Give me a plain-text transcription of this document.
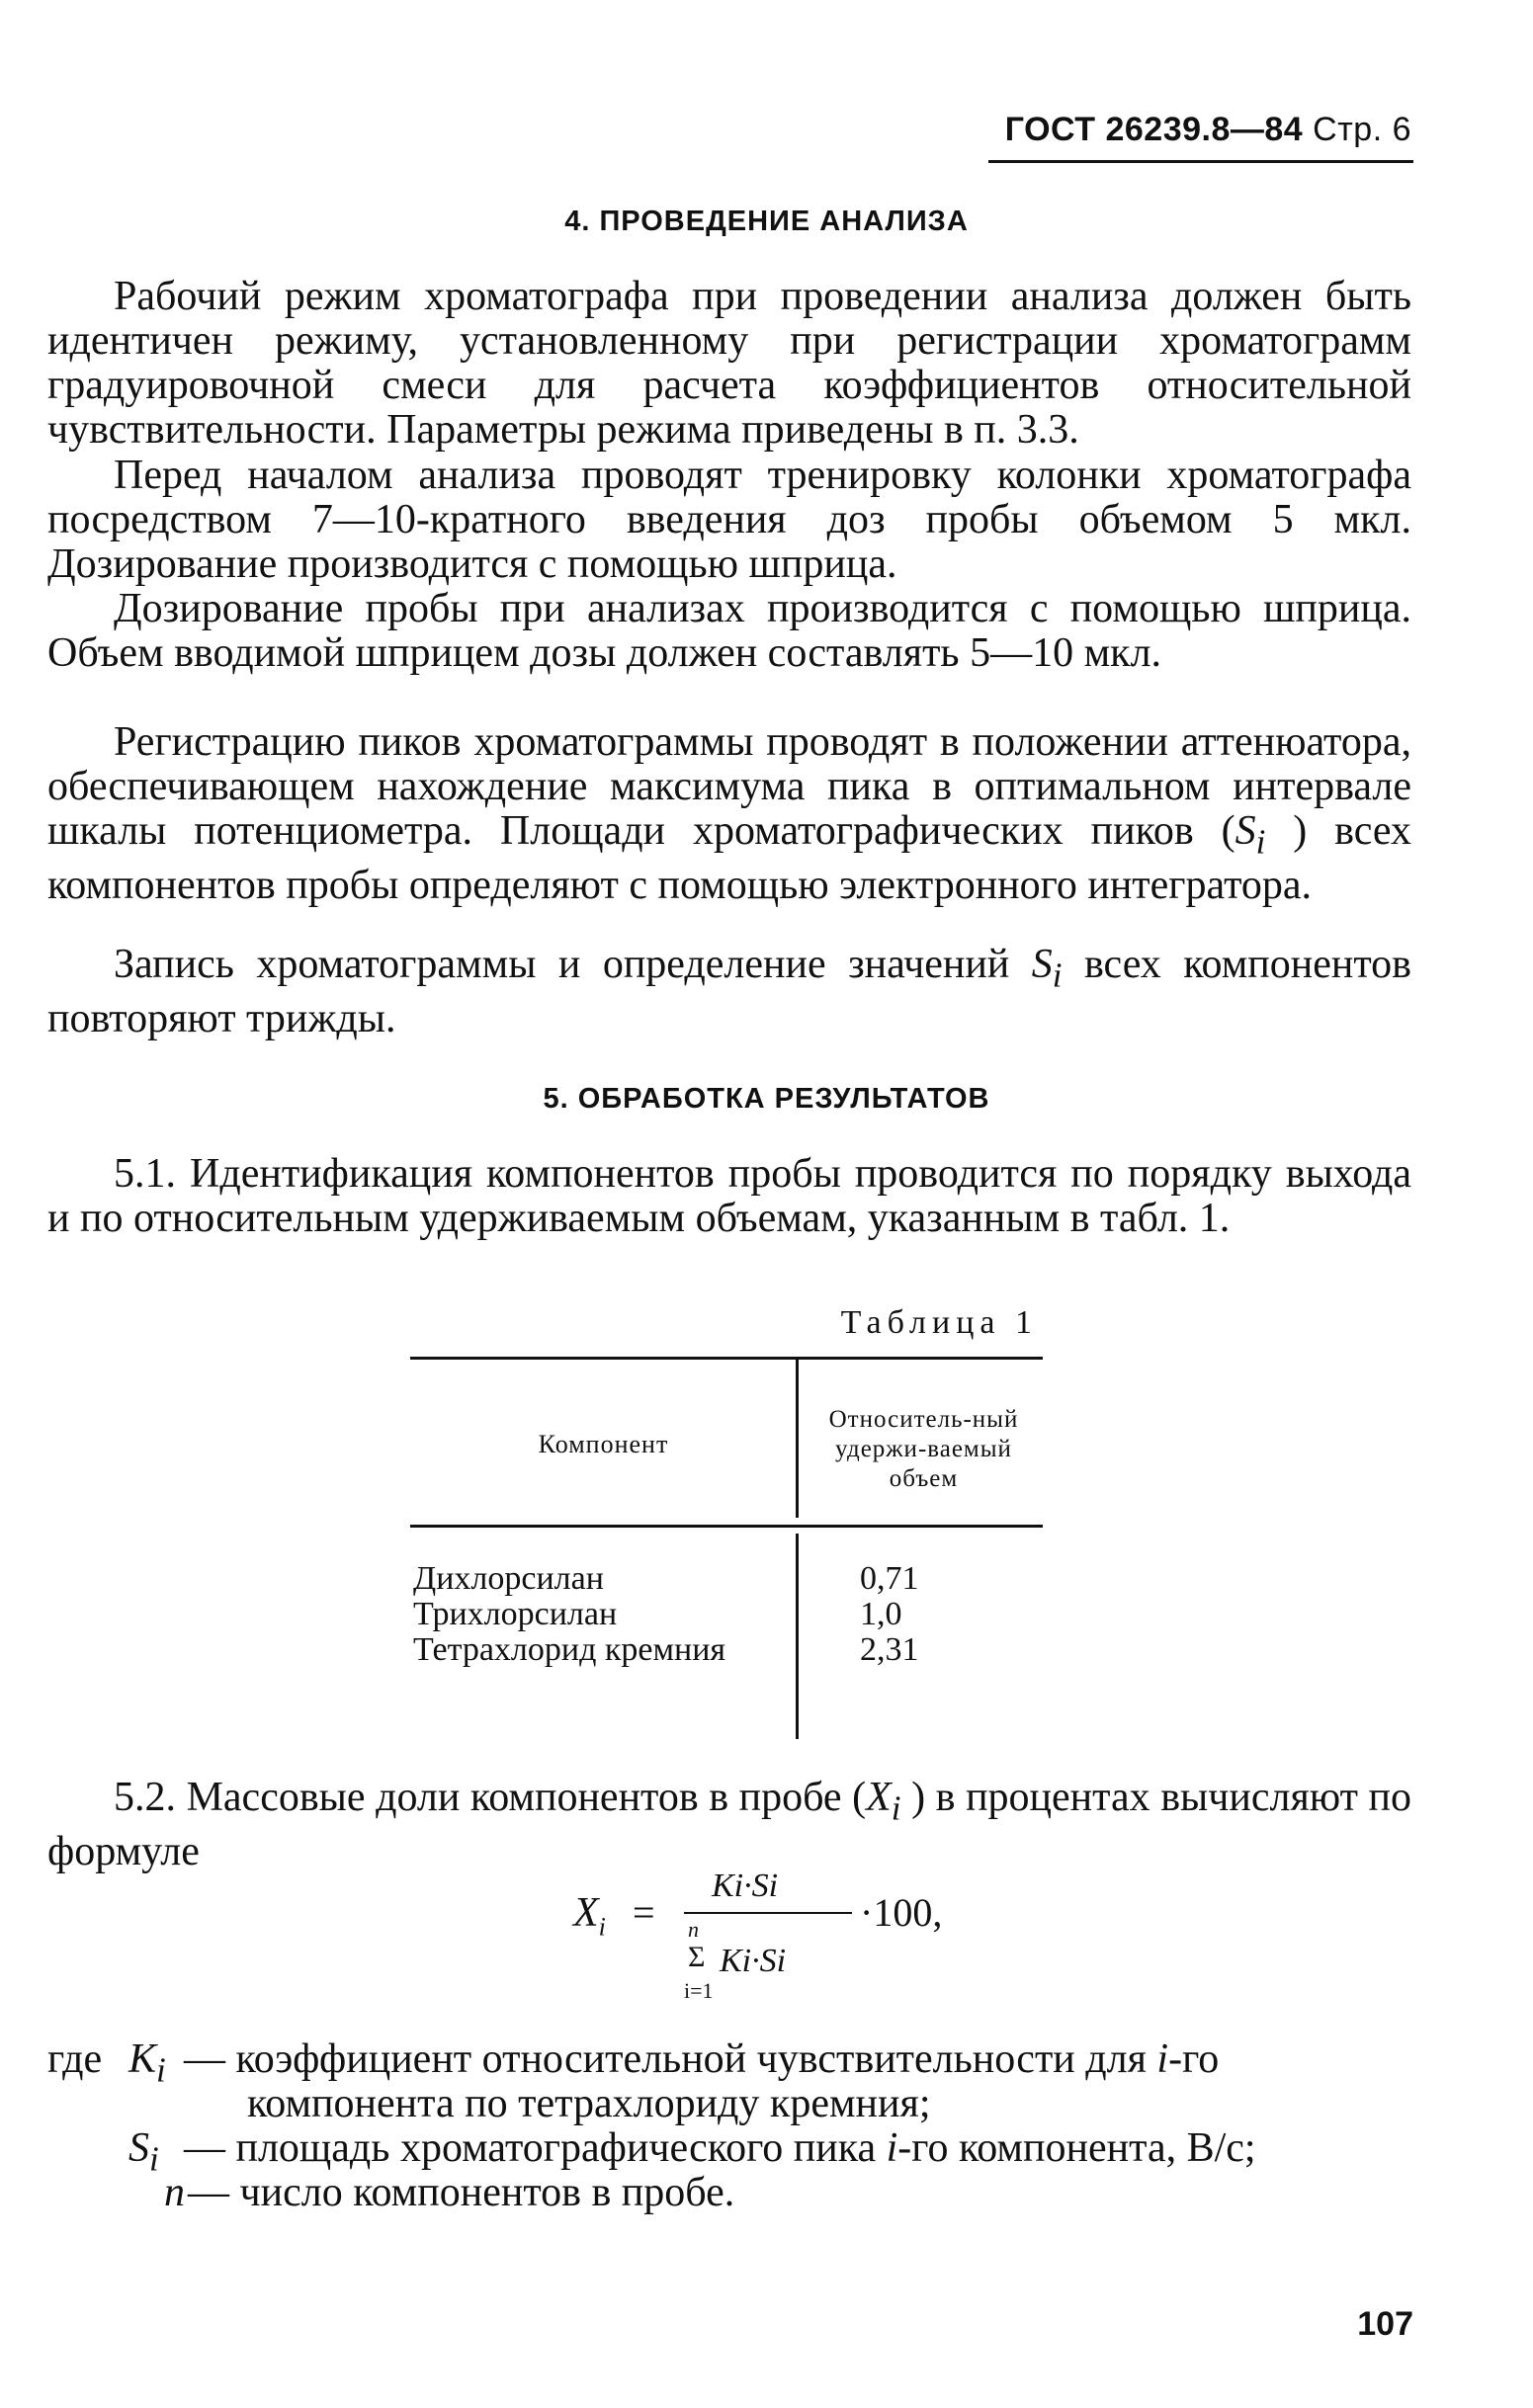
ГОСТ 26239.8—84 Стр. 6
4. ПРОВЕДЕНИЕ АНАЛИЗА
Рабочий режим хроматографа при проведении анализа должен быть идентичен режиму, установленному при регистрации хроматограмм градуировочной смеси для расчета коэффициентов относительной чувствительности. Параметры режима приведены в п. 3.3.
Перед началом анализа проводят тренировку колонки хроматографа посредством 7—10-кратного введения доз пробы объемом 5 мкл. Дозирование производится с помощью шприца.
Дозирование пробы при анализах производится с помощью шприца. Объем вводимой шприцем дозы должен составлять 5—10 мкл.
Регистрацию пиков хроматограммы проводят в положении аттенюатора, обеспечивающем нахождение максимума пика в оптимальном интервале шкалы потенциометра. Площади хроматографических пиков ($S_i$ ) всех компонентов пробы определяют с помощью электронного интегратора.
Запись хроматограммы и определение значений $S_i$ всех компонентов повторяют трижды.
5. ОБРАБОТКА РЕЗУЛЬТАТОВ
5.1. Идентификация компонентов пробы проводится по порядку выхода и по относительным удерживаемым объемам, указанным в табл. 1.
Таблица 1
Компонент
Относитель-ный удержи-ваемый объем
Дихлорсилан	0,71
Трихлорсилан	1,0
Тетрахлорид кремния	2,31
5.2. Массовые доли компонентов в пробе ($X_i$ ) в процентах вычисляют по формуле
$X_i$ =
Ki·Si
·100,
n
Σ Ki·Si
i=1
где $K_i$ — коэффициент относительной чувствительности для i-го
компонента по тетрахлориду кремния;
$S_i$ — площадь хроматографического пика i-го компонента, В/с;
n — число компонентов в пробе.
107
